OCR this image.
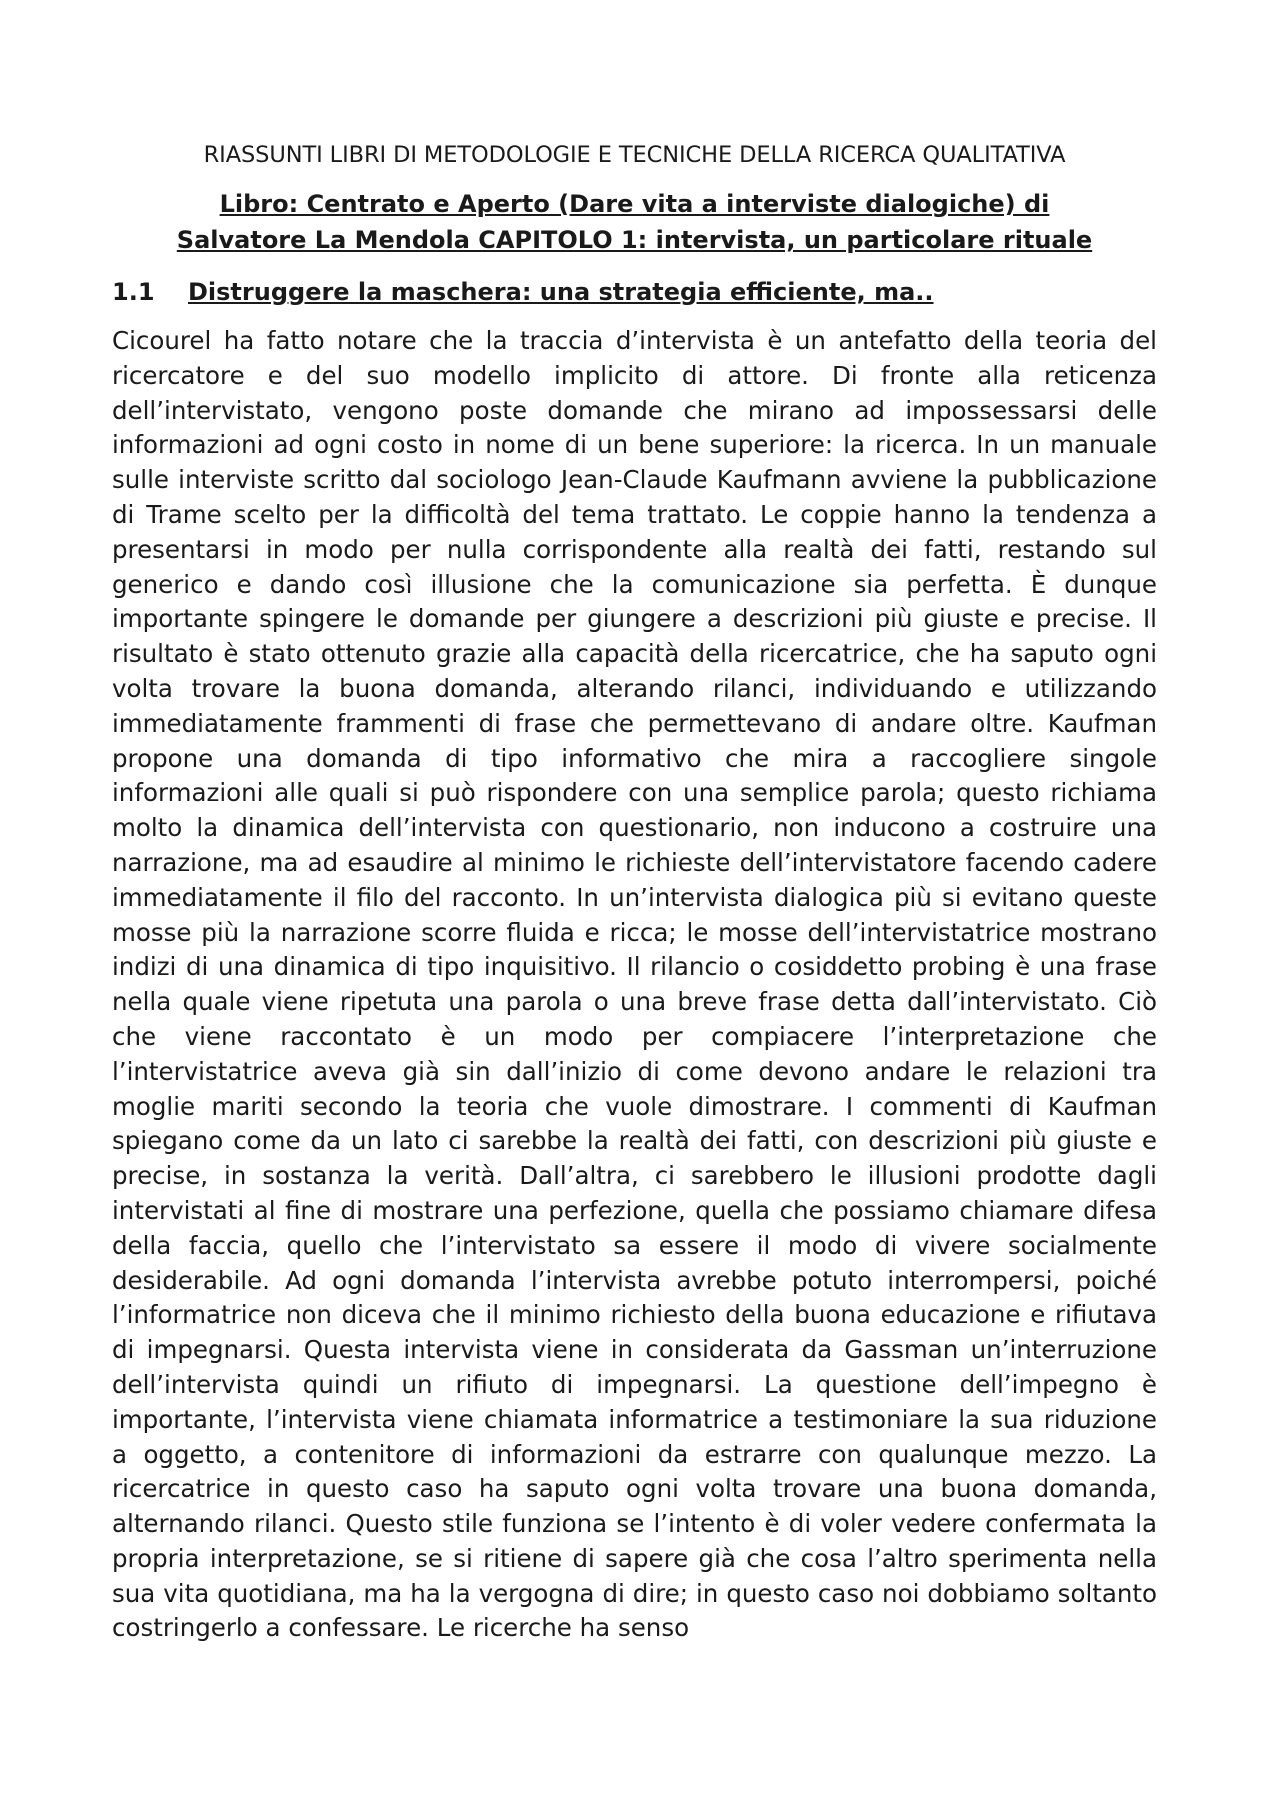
RIASSUNTI LIBRI DI METODOLOGIE E TECNICHE DELLA RICERCA QUALITATIVA
Libro: Centrato e Aperto (Dare vita a interviste dialogiche) di
Salvatore La Mendola CAPITOLO 1: intervista, un particolare rituale
1.1 Distruggere la maschera: una strategia efficiente, ma..

Cicourel ha fatto notare che la traccia d’intervista è un antefatto della teoria del ricercatore e del suo modello implicito di attore. Di fronte alla reticenza dell’intervistato, vengono poste domande che mirano ad impossessarsi delle informazioni ad ogni costo in nome di un bene superiore: la ricerca. In un manuale sulle interviste scritto dal sociologo Jean-Claude Kaufmann avviene la pubblicazione di Trame scelto per la difficoltà del tema trattato. Le coppie hanno la tendenza a presentarsi in modo per nulla corrispondente alla realtà dei fatti, restando sul generico e dando così illusione che la comunicazione sia perfetta. È dunque importante spingere le domande per giungere a descrizioni più giuste e precise. Il risultato è stato ottenuto grazie alla capacità della ricercatrice, che ha saputo ogni volta trovare la buona domanda, alterando rilanci, individuando e utilizzando immediatamente frammenti di frase che permettevano di andare oltre. Kaufman propone una domanda di tipo informativo che mira a raccogliere singole informazioni alle quali si può rispondere con una semplice parola; questo richiama molto la dinamica dell’intervista con questionario, non inducono a costruire una narrazione, ma ad esaudire al minimo le richieste dell’intervistatore facendo cadere immediatamente il filo del racconto. In un’intervista dialogica più si evitano queste mosse più la narrazione scorre fluida e ricca; le mosse dell’intervistatrice mostrano indizi di una dinamica di tipo inquisitivo. Il rilancio o cosiddetto probing è una frase nella quale viene ripetuta una parola o una breve frase detta dall’intervistato. Ciò che viene raccontato è un modo per compiacere l’interpretazione che l’intervistatrice aveva già sin dall’inizio di come devono andare le relazioni tra moglie mariti secondo la teoria che vuole dimostrare. I commenti di Kaufman spiegano come da un lato ci sarebbe la realtà dei fatti, con descrizioni più giuste e precise, in sostanza la verità. Dall’altra, ci sarebbero le illusioni prodotte dagli intervistati al fine di mostrare una perfezione, quella che possiamo chiamare difesa della faccia, quello che l’intervistato sa essere il modo di vivere socialmente desiderabile. Ad ogni domanda l’intervista avrebbe potuto interrompersi, poiché l’informatrice non diceva che il minimo richiesto della buona educazione e rifiutava di impegnarsi. Questa intervista viene in considerata da Gassman un’interruzione dell’intervista quindi un rifiuto di impegnarsi. La questione dell’impegno è importante, l’intervista viene chiamata informatrice a testimoniare la sua riduzione a oggetto, a contenitore di informazioni da estrarre con qualunque mezzo. La ricercatrice in questo caso ha saputo ogni volta trovare una buona domanda, alternando rilanci. Questo stile funziona se l’intento è di voler vedere confermata la propria interpretazione, se si ritiene di sapere già che cosa l’altro sperimenta nella sua vita quotidiana, ma ha la vergogna di dire; in questo caso noi dobbiamo soltanto costringerlo a confessare. Le ricerche ha senso
